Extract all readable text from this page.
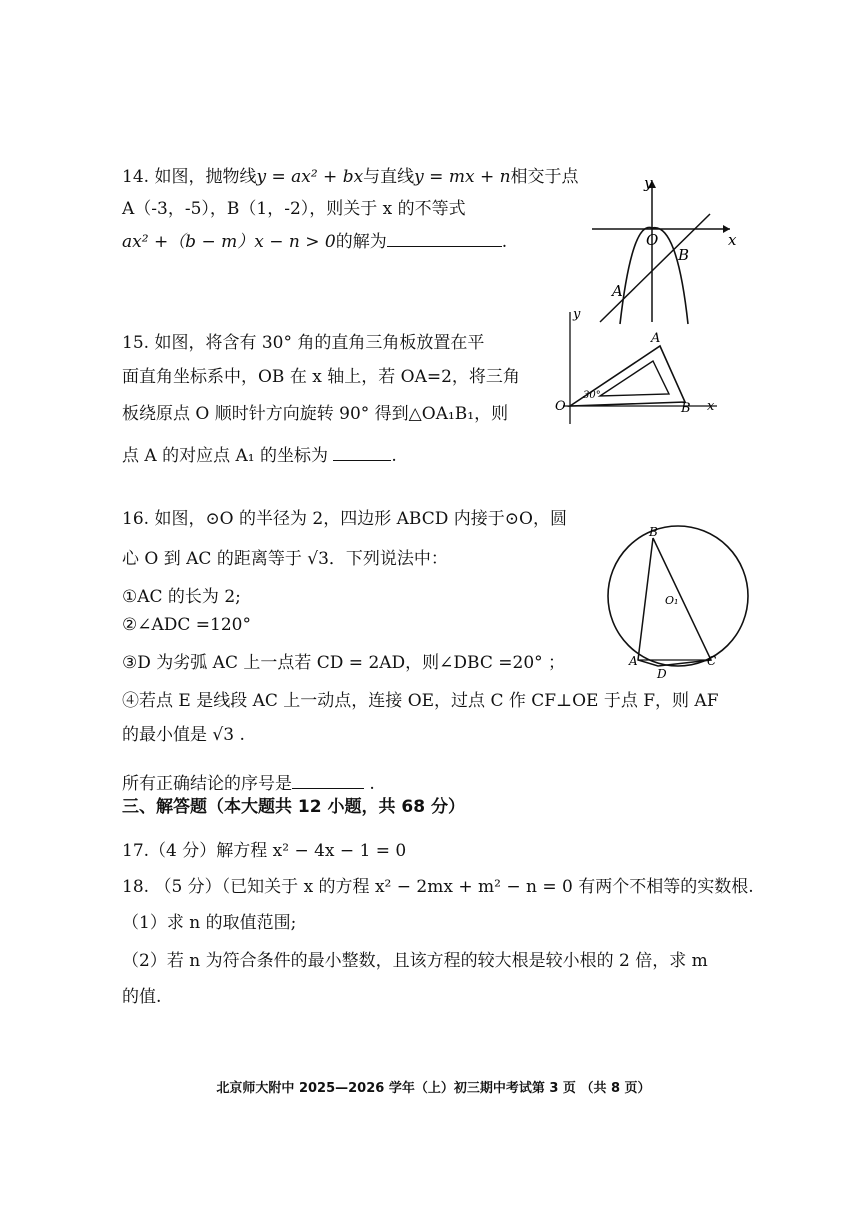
14. 如图，抛物线y = ax² + bx与直线y = mx + n相交于点
A（-3，-5），B（1，-2），则关于 x 的不等式
ax² +（b − m）x − n > 0的解为	.
y
x
O
B
A
15. 如图，将含有 30° 角的直角三角板放置在平
面直角坐标系中，OB 在 x 轴上，若 OA=2，将三角
板绕原点 O 顺时针方向旋转 90° 得到△OA₁B₁，则
点 A 的对应点 A₁ 的坐标为	.
y
x
O
A
B
30°
16. 如图，⊙O 的半径为 2，四边形 ABCD 内接于⊙O，圆
心 O 到 AC 的距离等于 √3．下列说法中：
①AC 的长为 2;
②∠ADC =120°
③D 为劣弧 AC 上一点若 CD = 2AD，则∠DBC =20° ；
④若点 E 是线段 AC 上一动点，连接 OE，过点 C 作 CF⊥OE 于点 F，则 AF
的最小值是 √3 .
所有正确结论的序号是	.
B
A	C
D
O₁
三、解答题（本大题共 12 小题，共 68 分）
17.（4 分）解方程 x² − 4x − 1 = 0
18. （5 分）（已知关于 x 的方程 x² − 2mx + m² − n = 0 有两个不相等的实数根.
（1）求 n 的取值范围;
（2）若 n 为符合条件的最小整数，且该方程的较大根是较小根的 2 倍，求 m
的值.
北京师大附中 2025—2026 学年（上）初三期中考试第 3 页 （共 8 页）
